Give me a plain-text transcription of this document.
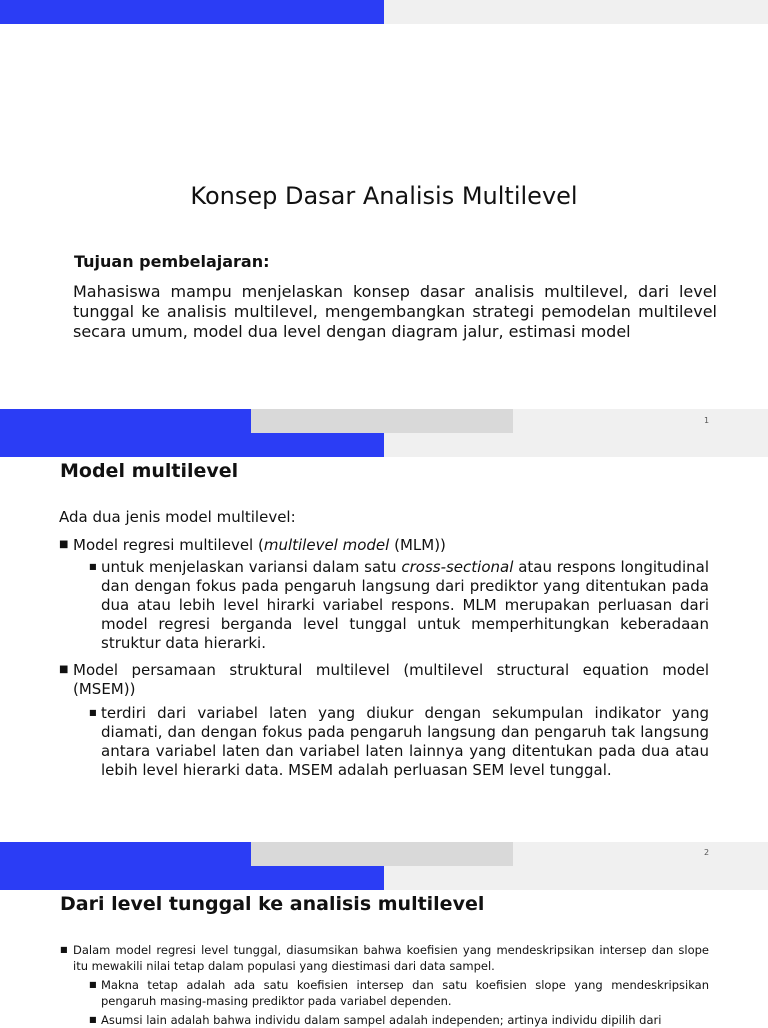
Konsep Dasar Analisis Multilevel
Tujuan pembelajaran:
Mahasiswa mampu menjelaskan konsep dasar analisis multilevel, dari level tunggal ke analisis multilevel, mengembangkan strategi pemodelan multilevel secara umum, model dua level dengan diagram jalur, estimasi model
1
Model multilevel
Ada dua jenis model multilevel:
■ Model regresi multilevel (multilevel model (MLM))
■ untuk menjelaskan variansi dalam satu cross-sectional atau respons longitudinal dan dengan fokus pada pengaruh langsung dari prediktor yang ditentukan pada dua atau lebih level hirarki variabel respons. MLM merupakan perluasan dari model regresi berganda level tunggal untuk memperhitungkan keberadaan struktur data hierarki.
■ Model persamaan struktural multilevel (multilevel structural equation model (MSEM))
■ terdiri dari variabel laten yang diukur dengan sekumpulan indikator yang diamati, dan dengan fokus pada pengaruh langsung dan pengaruh tak langsung antara variabel laten dan variabel laten lainnya yang ditentukan pada dua atau lebih level hierarki data. MSEM adalah perluasan SEM level tunggal.
2
Dari level tunggal ke analisis multilevel
■ Dalam model regresi level tunggal, diasumsikan bahwa koefisien yang mendeskripsikan intersep dan slope itu mewakili nilai tetap dalam populasi yang diestimasi dari data sampel.
■ Makna tetap adalah ada satu koefisien intersep dan satu koefisien slope yang mendeskripsikan pengaruh masing-masing prediktor pada variabel dependen.
■ Asumsi lain adalah bahwa individu dalam sampel adalah independen; artinya individu dipilih dari
